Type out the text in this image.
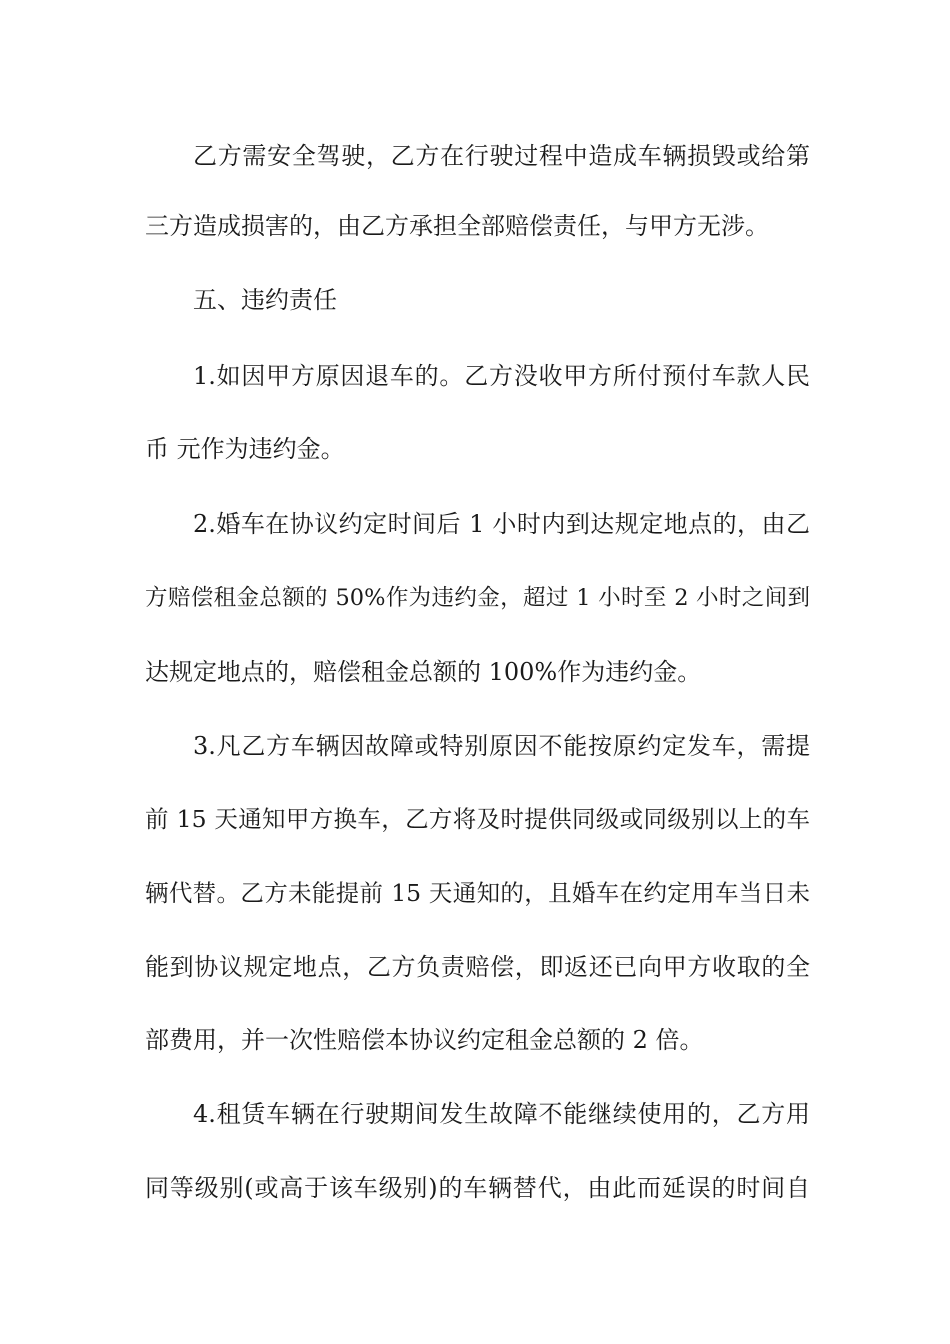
乙方需安全驾驶，乙方在行驶过程中造成车辆损毁或给第
三方造成损害的，由乙方承担全部赔偿责任，与甲方无涉。
五、违约责任
1.如因甲方原因退车的。乙方没收甲方所付预付车款人民
币 元作为违约金。
2.婚车在协议约定时间后 1 小时内到达规定地点的，由乙
方赔偿租金总额的 50%作为违约金，超过 1 小时至 2 小时之间到
达规定地点的，赔偿租金总额的 100%作为违约金。
3.凡乙方车辆因故障或特别原因不能按原约定发车，需提
前 15 天通知甲方换车，乙方将及时提供同级或同级别以上的车
辆代替。乙方未能提前 15 天通知的，且婚车在约定用车当日未
能到协议规定地点，乙方负责赔偿，即返还已向甲方收取的全
部费用，并一次性赔偿本协议约定租金总额的 2 倍。
4.租赁车辆在行驶期间发生故障不能继续使用的，乙方用
同等级别(或高于该车级别)的车辆替代，由此而延误的时间自
